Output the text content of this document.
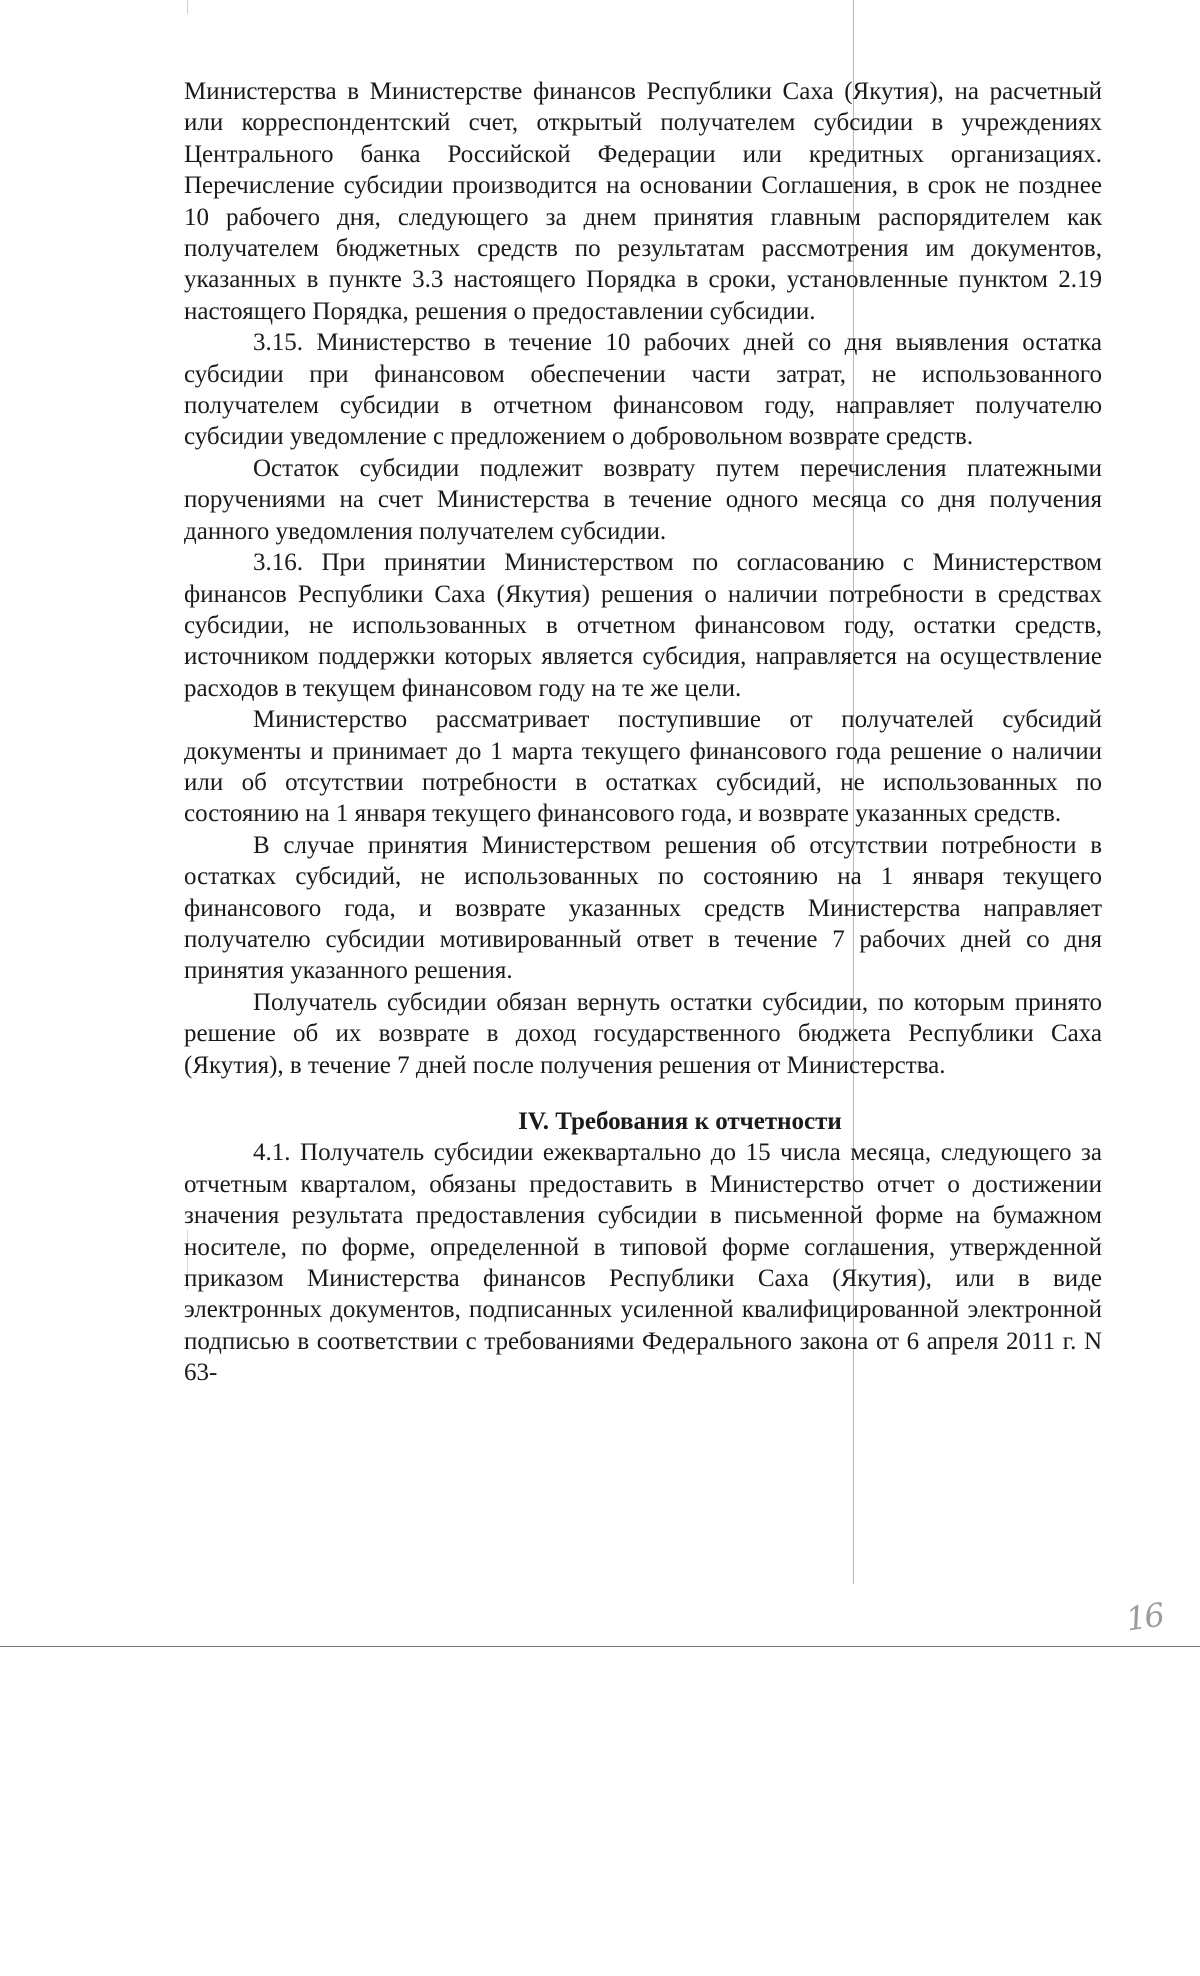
Министерства в Министерстве финансов Республики Саха (Якутия), на расчетный или корреспондентский счет, открытый получателем субсидии в учреждениях Центрального банка Российской Федерации или кредитных организациях. Перечисление субсидии производится на основании Соглашения, в срок не позднее 10 рабочего дня, следующего за днем принятия главным распорядителем как получателем бюджетных средств по результатам рассмотрения им документов, указанных в пункте 3.3 настоящего Порядка в сроки, установленные пунктом 2.19 настоящего Порядка, решения о предоставлении субсидии.

3.15. Министерство в течение 10 рабочих дней со дня выявления остатка субсидии при финансовом обеспечении части затрат, не использованного получателем субсидии в отчетном финансовом году, направляет получателю субсидии уведомление с предложением о добровольном возврате средств.

Остаток субсидии подлежит возврату путем перечисления платежными поручениями на счет Министерства в течение одного месяца со дня получения данного уведомления получателем субсидии.

3.16. При принятии Министерством по согласованию с Министерством финансов Республики Саха (Якутия) решения о наличии потребности в средствах субсидии, не использованных в отчетном финансовом году, остатки средств, источником поддержки которых является субсидия, направляется на осуществление расходов в текущем финансовом году на те же цели.

Министерство рассматривает поступившие от получателей субсидий документы и принимает до 1 марта текущего финансового года решение о наличии или об отсутствии потребности в остатках субсидий, не использованных по состоянию на 1 января текущего финансового года, и возврате указанных средств.

В случае принятия Министерством решения об отсутствии потребности в остатках субсидий, не использованных по состоянию на 1 января текущего финансового года, и возврате указанных средств Министерства направляет получателю субсидии мотивированный ответ в течение 7 рабочих дней со дня принятия указанного решения.

Получатель субсидии обязан вернуть остатки субсидии, по которым принято решение об их возврате в доход государственного бюджета Республики Саха (Якутия), в течение 7 дней после получения решения от Министерства.

IV. Требования к отчетности

4.1. Получатель субсидии ежеквартально до 15 числа месяца, следующего за отчетным кварталом, обязаны предоставить в Министерство отчет о достижении значения результата предоставления субсидии в письменной форме на бумажном носителе, по форме, определенной в типовой форме соглашения, утвержденной приказом Министерства финансов Республики Саха (Якутия), или в виде электронных документов, подписанных усиленной квалифицированной электронной подписью в соответствии с требованиями Федерального закона от 6 апреля 2011 г. N 63-

16
